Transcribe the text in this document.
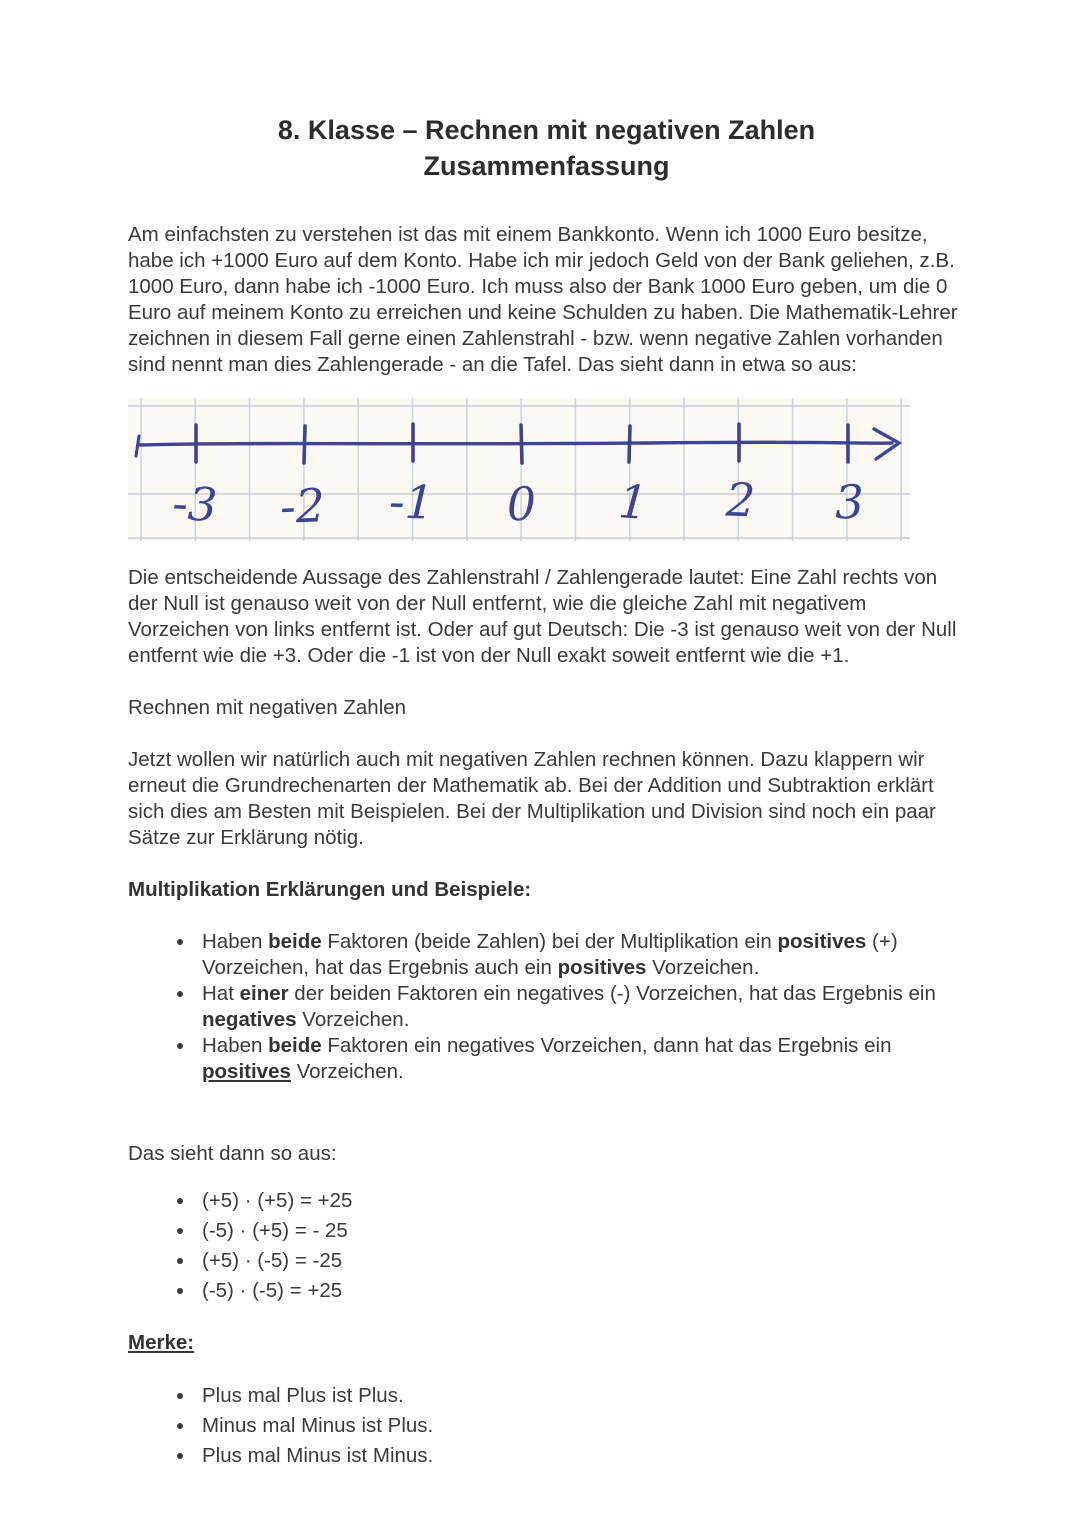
8. Klasse – Rechnen mit negativen Zahlen
Zusammenfassung

Am einfachsten zu verstehen ist das mit einem Bankkonto. Wenn ich 1000 Euro besitze, habe ich +1000 Euro auf dem Konto. Habe ich mir jedoch Geld von der Bank geliehen, z.B. 1000 Euro, dann habe ich -1000 Euro. Ich muss also der Bank 1000 Euro geben, um die 0 Euro auf meinem Konto zu erreichen und keine Schulden zu haben. Die Mathematik-Lehrer zeichnen in diesem Fall gerne einen Zahlenstrahl - bzw. wenn negative Zahlen vorhanden sind nennt man dies Zahlengerade - an die Tafel. Das sieht dann in etwa so aus:

-3 -2 -1 0 1 2 3

Die entscheidende Aussage des Zahlenstrahl / Zahlengerade lautet: Eine Zahl rechts von der Null ist genauso weit von der Null entfernt, wie die gleiche Zahl mit negativem Vorzeichen von links entfernt ist. Oder auf gut Deutsch: Die -3 ist genauso weit von der Null entfernt wie die +3. Oder die -1 ist von der Null exakt soweit entfernt wie die +1.

Rechnen mit negativen Zahlen

Jetzt wollen wir natürlich auch mit negativen Zahlen rechnen können. Dazu klappern wir erneut die Grundrechenarten der Mathematik ab. Bei der Addition und Subtraktion erklärt sich dies am Besten mit Beispielen. Bei der Multiplikation und Division sind noch ein paar Sätze zur Erklärung nötig.

Multiplikation Erklärungen und Beispiele:

• Haben beide Faktoren (beide Zahlen) bei der Multiplikation ein positives (+) Vorzeichen, hat das Ergebnis auch ein positives Vorzeichen.
• Hat einer der beiden Faktoren ein negatives (-) Vorzeichen, hat das Ergebnis ein negatives Vorzeichen.
• Haben beide Faktoren ein negatives Vorzeichen, dann hat das Ergebnis ein positives Vorzeichen.

Das sieht dann so aus:

• (+5) · (+5) = +25
• (-5) · (+5) = - 25
• (+5) · (-5) = -25
• (-5) · (-5) = +25

Merke:

• Plus mal Plus ist Plus.
• Minus mal Minus ist Plus.
• Plus mal Minus ist Minus.
